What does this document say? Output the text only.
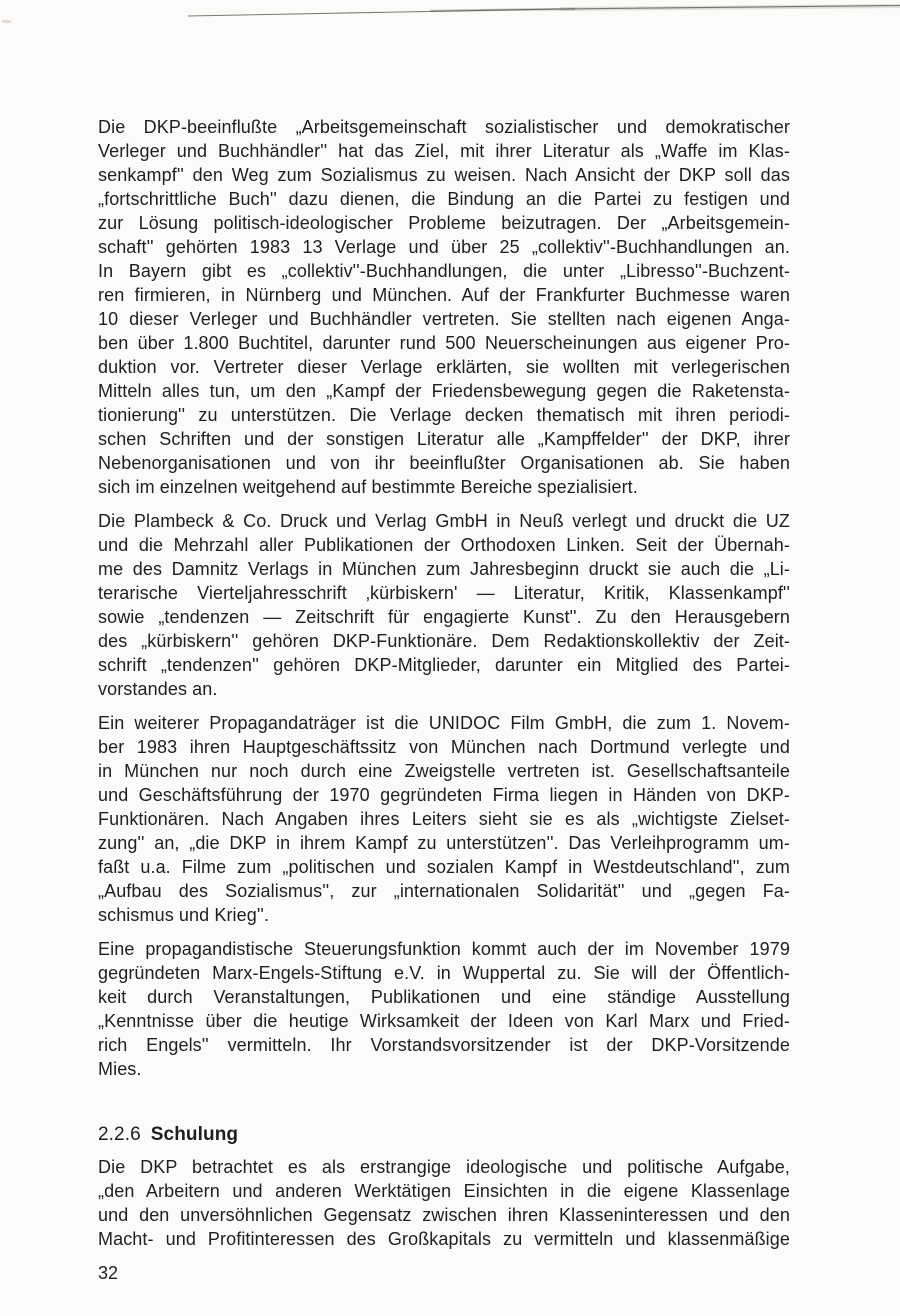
Die DKP-beeinflußte „Arbeitsgemeinschaft sozialistischer und demokratischer
Verleger und Buchhändler'' hat das Ziel, mit ihrer Literatur als „Waffe im Klas-
senkampf'' den Weg zum Sozialismus zu weisen. Nach Ansicht der DKP soll das
„fortschrittliche Buch'' dazu dienen, die Bindung an die Partei zu festigen und
zur Lösung politisch-ideologischer Probleme beizutragen. Der „Arbeitsgemein-
schaft'' gehörten 1983 13 Verlage und über 25 „collektiv''-Buchhandlungen an.
In Bayern gibt es „collektiv''-Buchhandlungen, die unter „Libresso''-Buchzent-
ren firmieren, in Nürnberg und München. Auf der Frankfurter Buchmesse waren
10 dieser Verleger und Buchhändler vertreten. Sie stellten nach eigenen Anga-
ben über 1.800 Buchtitel, darunter rund 500 Neuerscheinungen aus eigener Pro-
duktion vor. Vertreter dieser Verlage erklärten, sie wollten mit verlegerischen
Mitteln alles tun, um den „Kampf der Friedensbewegung gegen die Raketensta-
tionierung'' zu unterstützen. Die Verlage decken thematisch mit ihren periodi-
schen Schriften und der sonstigen Literatur alle „Kampffelder'' der DKP, ihrer
Nebenorganisationen und von ihr beeinflußter Organisationen ab. Sie haben
sich im einzelnen weitgehend auf bestimmte Bereiche spezialisiert.

Die Plambeck & Co. Druck und Verlag GmbH in Neuß verlegt und druckt die UZ
und die Mehrzahl aller Publikationen der Orthodoxen Linken. Seit der Übernah-
me des Damnitz Verlags in München zum Jahresbeginn druckt sie auch die „Li-
terarische Vierteljahresschrift ‚kürbiskern' — Literatur, Kritik, Klassenkampf''
sowie „tendenzen — Zeitschrift für engagierte Kunst''. Zu den Herausgebern
des „kürbiskern'' gehören DKP-Funktionäre. Dem Redaktionskollektiv der Zeit-
schrift „tendenzen'' gehören DKP-Mitglieder, darunter ein Mitglied des Partei-
vorstandes an.

Ein weiterer Propagandaträger ist die UNIDOC Film GmbH, die zum 1. Novem-
ber 1983 ihren Hauptgeschäftssitz von München nach Dortmund verlegte und
in München nur noch durch eine Zweigstelle vertreten ist. Gesellschaftsanteile
und Geschäftsführung der 1970 gegründeten Firma liegen in Händen von DKP-
Funktionären. Nach Angaben ihres Leiters sieht sie es als „wichtigste Zielset-
zung'' an, „die DKP in ihrem Kampf zu unterstützen''. Das Verleihprogramm um-
faßt u.a. Filme zum „politischen und sozialen Kampf in Westdeutschland'', zum
„Aufbau des Sozialismus'', zur „internationalen Solidarität'' und „gegen Fa-
schismus und Krieg''.

Eine propagandistische Steuerungsfunktion kommt auch der im November 1979
gegründeten Marx-Engels-Stiftung e.V. in Wuppertal zu. Sie will der Öffentlich-
keit durch Veranstaltungen, Publikationen und eine ständige Ausstellung
„Kenntnisse über die heutige Wirksamkeit der Ideen von Karl Marx und Fried-
rich Engels'' vermitteln. Ihr Vorstandsvorsitzender ist der DKP-Vorsitzende
Mies.

2.2.6 Schulung

Die DKP betrachtet es als erstrangige ideologische und politische Aufgabe,
„den Arbeitern und anderen Werktätigen Einsichten in die eigene Klassenlage
und den unversöhnlichen Gegensatz zwischen ihren Klasseninteressen und den
Macht- und Profitinteressen des Großkapitals zu vermitteln und klassenmäßige

32
